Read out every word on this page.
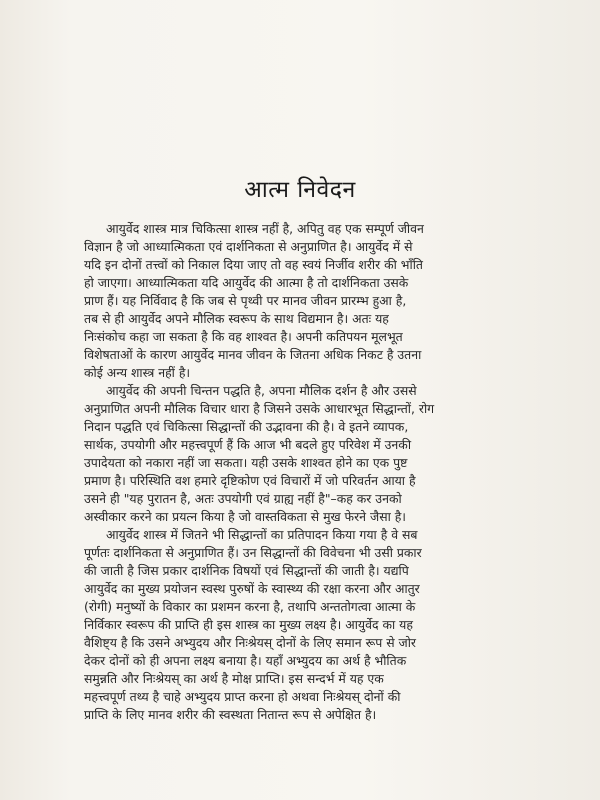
आत्म निवेदन
आयुर्वेद शास्त्र मात्र चिकित्सा शास्त्र नहीं है, अपितु वह एक सम्पूर्ण जीवन
विज्ञान है जो आध्यात्मिकता एवं दार्शनिकता से अनुप्राणित है। आयुर्वेद में से
यदि इन दोनों तत्त्वों को निकाल दिया जाए तो वह स्वयं निर्जीव शरीर की भाँति
हो जाएगा। आध्यात्मिकता यदि आयुर्वेद की आत्मा है तो दार्शनिकता उसके
प्राण हैं। यह निर्विवाद है कि जब से पृथ्वी पर मानव जीवन प्रारम्भ हुआ है,
तब से ही आयुर्वेद अपने मौलिक स्वरूप के साथ विद्यमान है। अतः यह
निःसंकोच कहा जा सकता है कि वह शाश्वत है। अपनी कतिपयन मूलभूत
विशेषताओं के कारण आयुर्वेद मानव जीवन के जितना अधिक निकट है उतना
कोई अन्य शास्त्र नहीं है।
आयुर्वेद की अपनी चिन्तन पद्धति है, अपना मौलिक दर्शन है और उससे
अनुप्राणित अपनी मौलिक विचार धारा है जिसने उसके आधारभूत सिद्धान्तों, रोग
निदान पद्धति एवं चिकित्सा सिद्धान्तों की उद्भावना की है। वे इतने व्यापक,
सार्थक, उपयोगी और महत्त्वपूर्ण हैं कि आज भी बदले हुए परिवेश में उनकी
उपादेयता को नकारा नहीं जा सकता। यही उसके शाश्वत होने का एक पुष्ट
प्रमाण है। परिस्थिति वश हमारे दृष्टिकोण एवं विचारों में जो परिवर्तन आया है
उसने ही "यह पुरातन है, अतः उपयोगी एवं ग्राह्य नहीं है"–कह कर उनको
अस्वीकार करने का प्रयत्न किया है जो वास्तविकता से मुख फेरने जैसा है।
आयुर्वेद शास्त्र में जितने भी सिद्धान्तों का प्रतिपादन किया गया है वे सब
पूर्णतः दार्शनिकता से अनुप्राणित हैं। उन सिद्धान्तों की विवेचना भी उसी प्रकार
की जाती है जिस प्रकार दार्शनिक विषयों एवं सिद्धान्तों की जाती है। यद्यपि
आयुर्वेद का मुख्य प्रयोजन स्वस्थ पुरुषों के स्वास्थ्य की रक्षा करना और आतुर
(रोगी) मनुष्यों के विकार का प्रशमन करना है, तथापि अन्ततोगत्वा आत्मा के
निर्विकार स्वरूप की प्राप्ति ही इस शास्त्र का मुख्य लक्ष्य है। आयुर्वेद का यह
वैशिष्ट्य है कि उसने अभ्युदय और निःश्रेयस् दोनों के लिए समान रूप से जोर
देकर दोनों को ही अपना लक्ष्य बनाया है। यहाँ अभ्युदय का अर्थ है भौतिक
समुन्नति और निःश्रेयस् का अर्थ है मोक्ष प्राप्ति। इस सन्दर्भ में यह एक
महत्त्वपूर्ण तथ्य है चाहे अभ्युदय प्राप्त करना हो अथवा निःश्रेयस् दोनों की
प्राप्ति के लिए मानव शरीर की स्वस्थता नितान्त रूप से अपेक्षित है।
